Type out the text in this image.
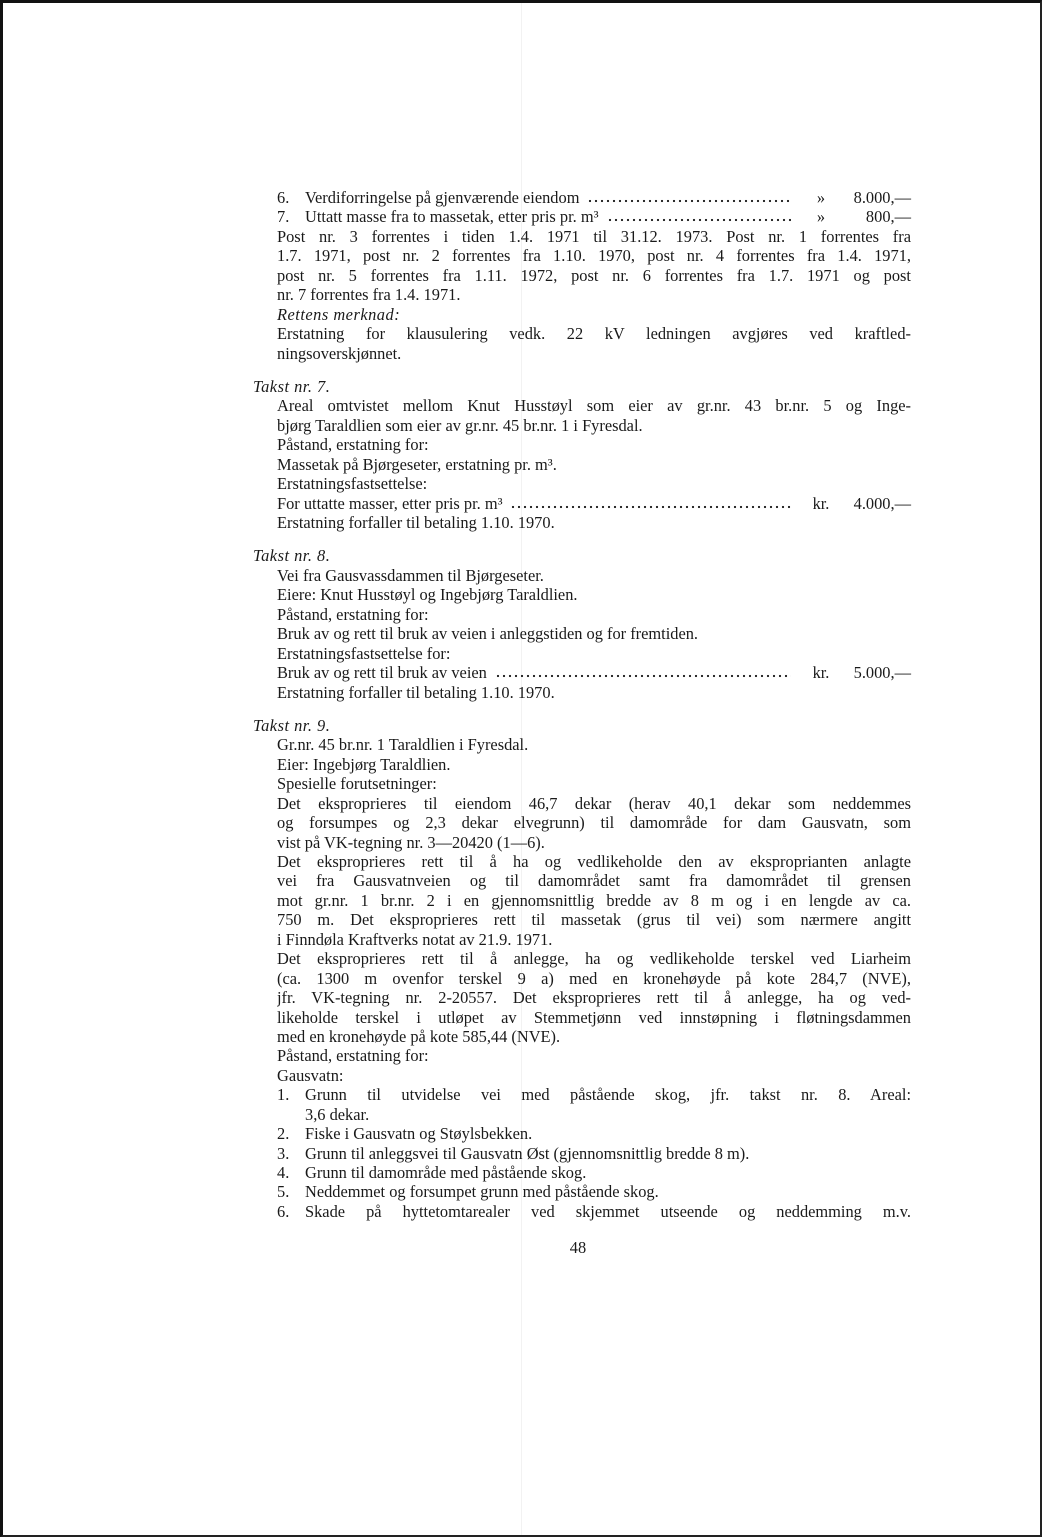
6. Verdiforringelse på gjenværende eiendom	»	8.000,—
7. Uttatt masse fra to massetak, etter pris pr. m³	»	800,—
Post nr. 3 forrentes i tiden 1.4. 1971 til 31.12. 1973. Post nr. 1 forrentes fra
1.7. 1971, post nr. 2 forrentes fra 1.10. 1970, post nr. 4 forrentes fra 1.4. 1971,
post nr. 5 forrentes fra 1.11. 1972, post nr. 6 forrentes fra 1.7. 1971 og post
nr. 7 forrentes fra 1.4. 1971.
Rettens merknad:
Erstatning for klausulering vedk. 22 kV ledningen avgjøres ved kraftled-
ningsoverskjønnet.
Takst nr. 7.
Areal omtvistet mellom Knut Husstøyl som eier av gr.nr. 43 br.nr. 5 og Inge-
bjørg Taraldlien som eier av gr.nr. 45 br.nr. 1 i Fyresdal.
Påstand, erstatning for:
Massetak på Bjørgeseter, erstatning pr. m³.
Erstatningsfastsettelse:
For uttatte masser, etter pris pr. m³	kr.	4.000,—
Erstatning forfaller til betaling 1.10. 1970.
Takst nr. 8.
Vei fra Gausvassdammen til Bjørgeseter.
Eiere: Knut Husstøyl og Ingebjørg Taraldlien.
Påstand, erstatning for:
Bruk av og rett til bruk av veien i anleggstiden og for fremtiden.
Erstatningsfastsettelse for:
Bruk av og rett til bruk av veien	kr.	5.000,—
Erstatning forfaller til betaling 1.10. 1970.
Takst nr. 9.
Gr.nr. 45 br.nr. 1 Taraldlien i Fyresdal.
Eier: Ingebjørg Taraldlien.
Spesielle forutsetninger:
Det eksproprieres til eiendom 46,7 dekar (herav 40,1 dekar som neddemmes
og forsumpes og 2,3 dekar elvegrunn) til damområde for dam Gausvatn, som
vist på VK-tegning nr. 3—20420 (1—6).
Det eksproprieres rett til å ha og vedlikeholde den av eksproprianten anlagte
vei fra Gausvatnveien og til damområdet samt fra damområdet til grensen
mot gr.nr. 1 br.nr. 2 i en gjennomsnittlig bredde av 8 m og i en lengde av ca.
750 m. Det eksproprieres rett til massetak (grus til vei) som nærmere angitt
i Finndøla Kraftverks notat av 21.9. 1971.
Det eksproprieres rett til å anlegge, ha og vedlikeholde terskel ved Liarheim
(ca. 1300 m ovenfor terskel 9 a) med en kronehøyde på kote 284,7 (NVE),
jfr. VK-tegning nr. 2-20557. Det eksproprieres rett til å anlegge, ha og ved-
likeholde terskel i utløpet av Stemmetjønn ved innstøpning i fløtningsdammen
med en kronehøyde på kote 585,44 (NVE).
Påstand, erstatning for:
Gausvatn:
1. Grunn til utvidelse vei med påstående skog, jfr. takst nr. 8. Areal:
3,6 dekar.
2. Fiske i Gausvatn og Støylsbekken.
3. Grunn til anleggsvei til Gausvatn Øst (gjennomsnittlig bredde 8 m).
4. Grunn til damområde med påstående skog.
5. Neddemmet og forsumpet grunn med påstående skog.
6. Skade på hyttetomtarealer ved skjemmet utseende og neddemming m.v.
48
